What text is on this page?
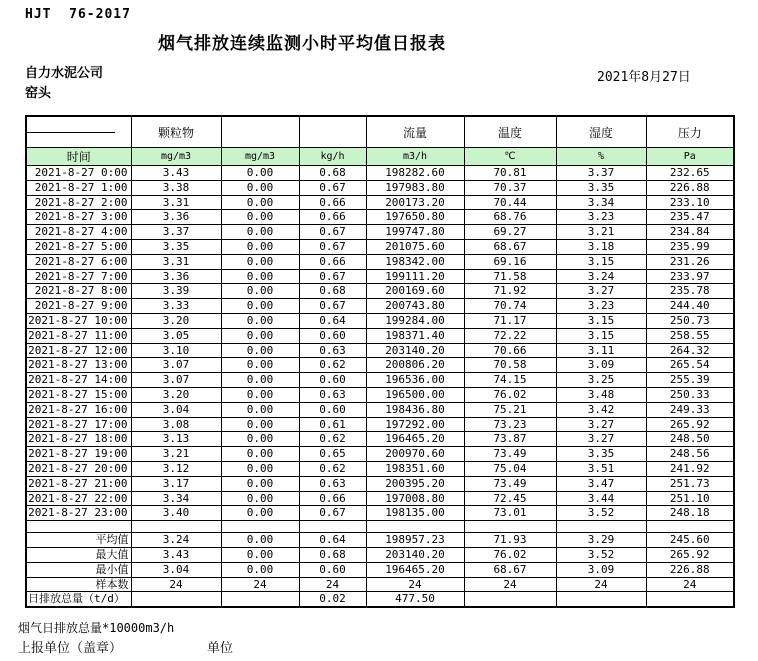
HJT  76-2017
烟气排放连续监测小时平均值日报表
自力水泥公司
窑头
2021年8月27日
	颗粒物			流量	温度	湿度	压力
时间	mg/m3	mg/m3	kg/h	m3/h	℃	%	Pa
2021-8-27 0:00	3.43	0.00	0.68	198282.60	70.81	3.37	232.65
2021-8-27 1:00	3.38	0.00	0.67	197983.80	70.37	3.35	226.88
2021-8-27 2:00	3.31	0.00	0.66	200173.20	70.44	3.34	233.10
2021-8-27 3:00	3.36	0.00	0.66	197650.80	68.76	3.23	235.47
2021-8-27 4:00	3.37	0.00	0.67	199747.80	69.27	3.21	234.84
2021-8-27 5:00	3.35	0.00	0.67	201075.60	68.67	3.18	235.99
2021-8-27 6:00	3.31	0.00	0.66	198342.00	69.16	3.15	231.26
2021-8-27 7:00	3.36	0.00	0.67	199111.20	71.58	3.24	233.97
2021-8-27 8:00	3.39	0.00	0.68	200169.60	71.92	3.27	235.78
2021-8-27 9:00	3.33	0.00	0.67	200743.80	70.74	3.23	244.40
2021-8-27 10:00	3.20	0.00	0.64	199284.00	71.17	3.15	250.73
2021-8-27 11:00	3.05	0.00	0.60	198371.40	72.22	3.15	258.55
2021-8-27 12:00	3.10	0.00	0.63	203140.20	70.66	3.11	264.32
2021-8-27 13:00	3.07	0.00	0.62	200806.20	70.58	3.09	265.54
2021-8-27 14:00	3.07	0.00	0.60	196536.00	74.15	3.25	255.39
2021-8-27 15:00	3.20	0.00	0.63	196500.00	76.02	3.48	250.33
2021-8-27 16:00	3.04	0.00	0.60	198436.80	75.21	3.42	249.33
2021-8-27 17:00	3.08	0.00	0.61	197292.00	73.23	3.27	265.92
2021-8-27 18:00	3.13	0.00	0.62	196465.20	73.87	3.27	248.50
2021-8-27 19:00	3.21	0.00	0.65	200970.60	73.49	3.35	248.56
2021-8-27 20:00	3.12	0.00	0.62	198351.60	75.04	3.51	241.92
2021-8-27 21:00	3.17	0.00	0.63	200395.20	73.49	3.47	251.73
2021-8-27 22:00	3.34	0.00	0.66	197008.80	72.45	3.44	251.10
2021-8-27 23:00	3.40	0.00	0.67	198135.00	73.01	3.52	248.18

平均值	3.24	0.00	0.64	198957.23	71.93	3.29	245.60
最大值	3.43	0.00	0.68	203140.20	76.02	3.52	265.92
最小值	3.04	0.00	0.60	196465.20	68.67	3.09	226.88
样本数	24	24	24	24	24	24	24
日排放总量（t/d）			0.02	477.50			
烟气日排放总量*10000m3/h
上报单位（盖章）	单位
